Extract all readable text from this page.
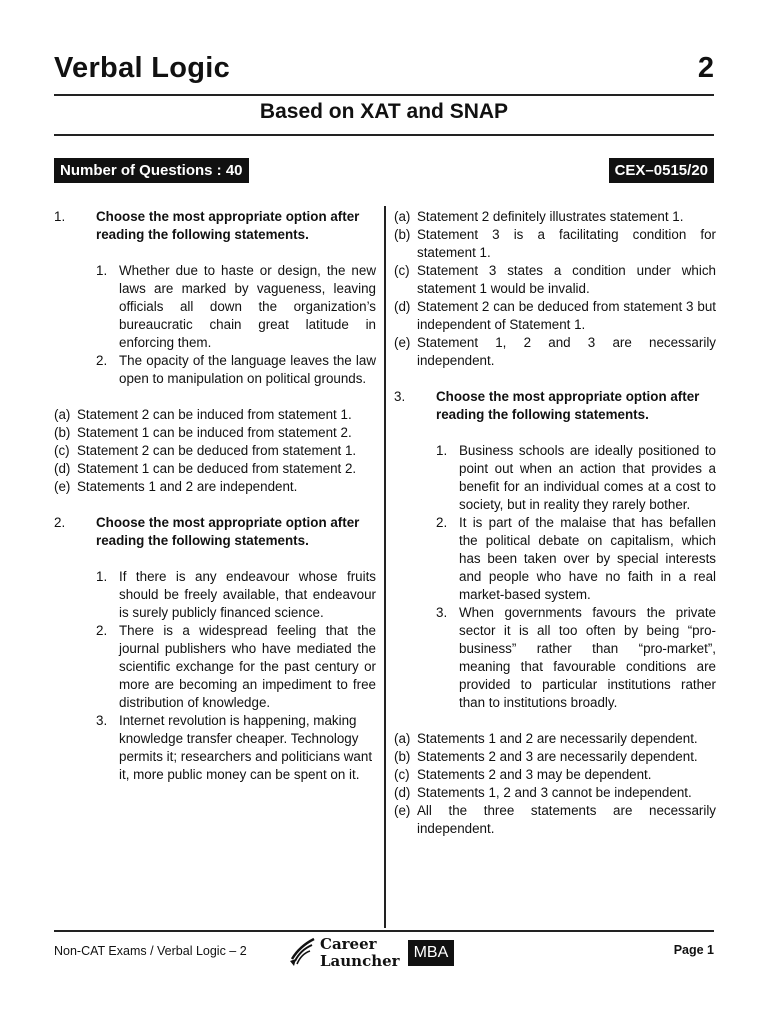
Verbal Logic	2
Based on XAT and SNAP
Number of Questions : 40	CEX–0515/20
1.	Choose the most appropriate option after reading the following statements.
1. Whether due to haste or design, the new laws are marked by vagueness, leaving officials all down the organization’s bureaucratic chain great latitude in enforcing them.
2. The opacity of the language leaves the law open to manipulation on political grounds.
(a) Statement 2 can be induced from statement 1.
(b) Statement 1 can be induced from statement 2.
(c) Statement 2 can be deduced from statement 1.
(d) Statement 1 can be deduced from statement 2.
(e) Statements 1 and 2 are independent.
2.	Choose the most appropriate option after reading the following statements.
1. If there is any endeavour whose fruits should be freely available, that endeavour is surely publicly financed science.
2. There is a widespread feeling that the journal publishers who have mediated the scientific exchange for the past century or more are becoming an impediment to free distribution of knowledge.
3. Internet revolution is happening, making knowledge transfer cheaper. Technology permits it; researchers and politicians want it, more public money can be spent on it.
(a) Statement 2 definitely illustrates statement 1.
(b) Statement 3 is a facilitating condition for statement 1.
(c) Statement 3 states a condition under which statement 1 would be invalid.
(d) Statement 2 can be deduced from statement 3 but independent of Statement 1.
(e) Statement 1, 2 and 3 are necessarily independent.
3.	Choose the most appropriate option after reading the following statements.
1. Business schools are ideally positioned to point out when an action that provides a benefit for an individual comes at a cost to society, but in reality they rarely bother.
2. It is part of the malaise that has befallen the political debate on capitalism, which has been taken over by special interests and people who have no faith in a real market-based system.
3. When governments favours the private sector it is all too often by being “pro-business” rather than “pro-market”, meaning that favourable conditions are provided to particular institutions rather than to institutions broadly.
(a) Statements 1 and 2 are necessarily dependent.
(b) Statements 2 and 3 are necessarily dependent.
(c) Statements 2 and 3 may be dependent.
(d) Statements 1, 2 and 3 cannot be independent.
(e) All the three statements are necessarily independent.
Non-CAT Exams / Verbal Logic – 2	Career
Launcher MBA	Page 1
